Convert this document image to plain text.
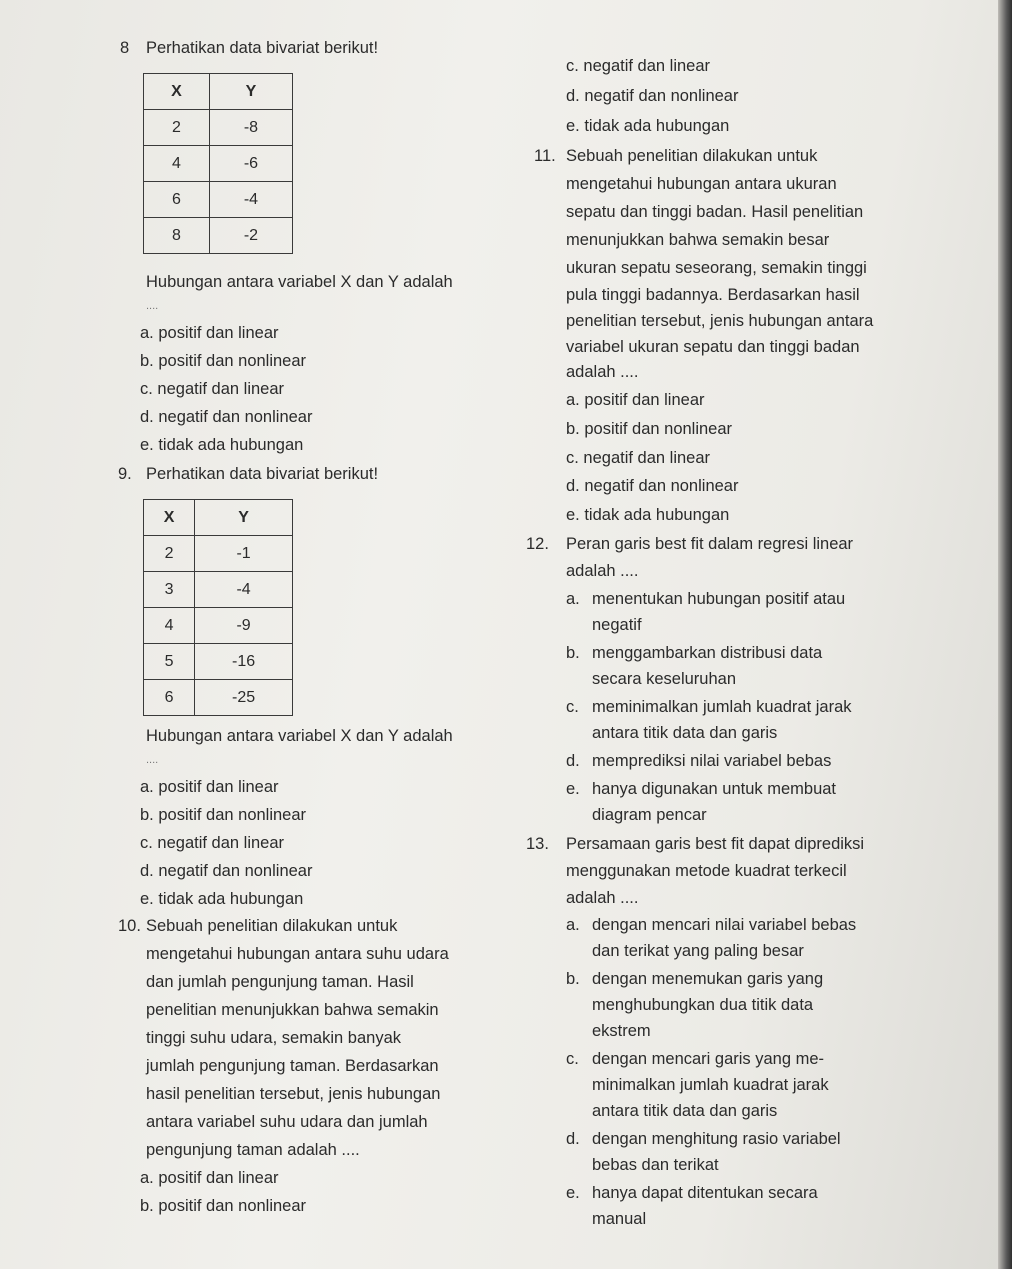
8 Perhatikan data bivariat berikut!
X	Y
2	-8
4	-6
6	-4
8	-2
Hubungan antara variabel X dan Y adalah
....
a. positif dan linear
b. positif dan nonlinear
c. negatif dan linear
d. negatif dan nonlinear
e. tidak ada hubungan
9. Perhatikan data bivariat berikut!
X	Y
2	-1
3	-4
4	-9
5	-16
6	-25
Hubungan antara variabel X dan Y adalah
....
a. positif dan linear
b. positif dan nonlinear
c. negatif dan linear
d. negatif dan nonlinear
e. tidak ada hubungan
10. Sebuah penelitian dilakukan untuk
mengetahui hubungan antara suhu udara
dan jumlah pengunjung taman. Hasil
penelitian menunjukkan bahwa semakin
tinggi suhu udara, semakin banyak
jumlah pengunjung taman. Berdasarkan
hasil penelitian tersebut, jenis hubungan
antara variabel suhu udara dan jumlah
pengunjung taman adalah ....
a. positif dan linear
b. positif dan nonlinear
c. negatif dan linear
d. negatif dan nonlinear
e. tidak ada hubungan
11. Sebuah penelitian dilakukan untuk
mengetahui hubungan antara ukuran
sepatu dan tinggi badan. Hasil penelitian
menunjukkan bahwa semakin besar
ukuran sepatu seseorang, semakin tinggi
pula tinggi badannya. Berdasarkan hasil
penelitian tersebut, jenis hubungan antara
variabel ukuran sepatu dan tinggi badan
adalah ....
a. positif dan linear
b. positif dan nonlinear
c. negatif dan linear
d. negatif dan nonlinear
e. tidak ada hubungan
12. Peran garis best fit dalam regresi linear
adalah ....
a. menentukan hubungan positif atau
negatif
b. menggambarkan distribusi data
secara keseluruhan
c. meminimalkan jumlah kuadrat jarak
antara titik data dan garis
d. memprediksi nilai variabel bebas
e. hanya digunakan untuk membuat
diagram pencar
13. Persamaan garis best fit dapat diprediksi
menggunakan metode kuadrat terkecil
adalah ....
a. dengan mencari nilai variabel bebas
dan terikat yang paling besar
b. dengan menemukan garis yang
menghubungkan dua titik data
ekstrem
c. dengan mencari garis yang me-
minimalkan jumlah kuadrat jarak
antara titik data dan garis
d. dengan menghitung rasio variabel
bebas dan terikat
e. hanya dapat ditentukan secara
manual
